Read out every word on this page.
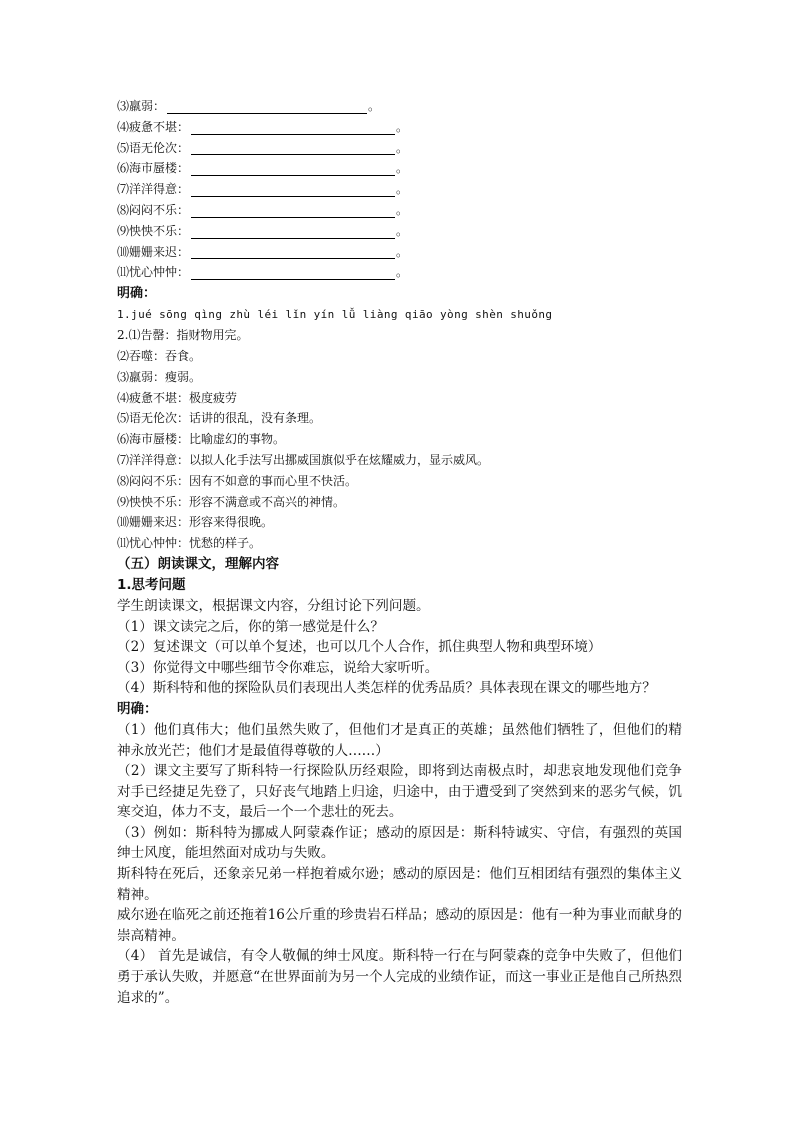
⑶羸弱：	。
⑷疲惫不堪：	。
⑸语无伦次：	。
⑹海市蜃楼：	。
⑺洋洋得意：	。
⑻闷闷不乐：	。
⑼怏怏不乐：	。
⑽姗姗来迟：	。
⑾忧心忡忡：	。
明确：
1.jué sōng qìng zhù léi lǐn yín lǚ liàng qiāo yòng shèn shuǒng
2.⑴告罄：指财物用完。
⑵吞噬：吞食。
⑶羸弱：瘦弱。
⑷疲惫不堪：极度疲劳
⑸语无伦次：话讲的很乱，没有条理。
⑹海市蜃楼：比喻虚幻的事物。
⑺洋洋得意：以拟人化手法写出挪威国旗似乎在炫耀威力，显示威风。
⑻闷闷不乐：因有不如意的事而心里不快活。
⑼怏怏不乐：形容不满意或不高兴的神情。
⑽姗姗来迟：形容来得很晚。
⑾忧心忡忡：忧愁的样子。
（五）朗读课文，理解内容
1.思考问题
学生朗读课文，根据课文内容，分组讨论下列问题。
（1）课文读完之后，你的第一感觉是什么？
（2）复述课文（可以单个复述，也可以几个人合作，抓住典型人物和典型环境）
（3）你觉得文中哪些细节令你难忘，说给大家听听。
（4）斯科特和他的探险队员们表现出人类怎样的优秀品质？具体表现在课文的哪些地方？
明确：
（1）他们真伟大；他们虽然失败了，但他们才是真正的英雄；虽然他们牺牲了，但他们的精神永放光芒；他们才是最值得尊敬的人……）
（2）课文主要写了斯科特一行探险队历经艰险，即将到达南极点时，却悲哀地发现他们竞争对手已经捷足先登了，只好丧气地踏上归途，归途中，由于遭受到了突然到来的恶劣气候，饥寒交迫，体力不支，最后一个一个悲壮的死去。
（3）例如：斯科特为挪威人阿蒙森作证；感动的原因是：斯科特诚实、守信，有强烈的英国绅士风度，能坦然面对成功与失败。
斯科特在死后，还象亲兄弟一样抱着威尔逊；感动的原因是：他们互相团结有强烈的集体主义精神。
威尔逊在临死之前还拖着16公斤重的珍贵岩石样品；感动的原因是：他有一种为事业而献身的崇高精神。
（4） 首先是诚信，有令人敬佩的绅士风度。斯科特一行在与阿蒙森的竞争中失败了，但他们勇于承认失败，并愿意“在世界面前为另一个人完成的业绩作证，而这一事业正是他自己所热烈追求的”。
